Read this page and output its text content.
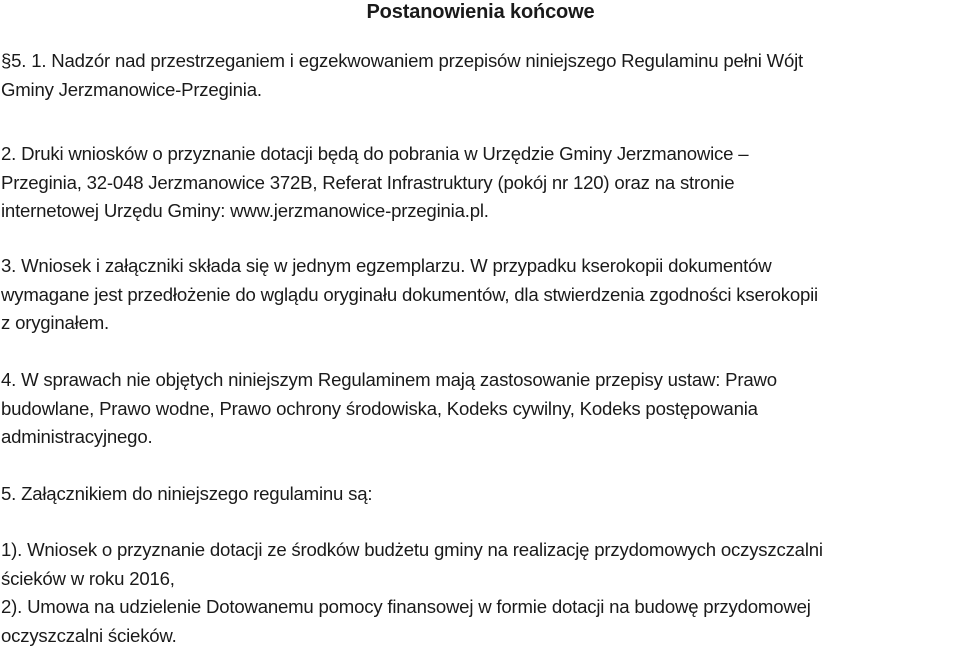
Postanowienia końcowe

§5. 1. Nadzór nad przestrzeganiem i egzekwowaniem przepisów niniejszego Regulaminu pełni Wójt
Gminy Jerzmanowice-Przeginia.

2. Druki wniosków o przyznanie dotacji będą do pobrania w Urzędzie Gminy Jerzmanowice –
Przeginia, 32-048 Jerzmanowice 372B, Referat Infrastruktury (pokój nr 120) oraz na stronie
internetowej Urzędu Gminy: www.jerzmanowice-przeginia.pl.

3. Wniosek i załączniki składa się w jednym egzemplarzu. W przypadku kserokopii dokumentów
wymagane jest przedłożenie do wglądu oryginału dokumentów, dla stwierdzenia zgodności kserokopii
z oryginałem.

4. W sprawach nie objętych niniejszym Regulaminem mają zastosowanie przepisy ustaw: Prawo
budowlane, Prawo wodne, Prawo ochrony środowiska, Kodeks cywilny, Kodeks postępowania
administracyjnego.

5. Załącznikiem do niniejszego regulaminu są:

1). Wniosek o przyznanie dotacji ze środków budżetu gminy na realizację przydomowych oczyszczalni
ścieków w roku 2016,
2). Umowa na udzielenie Dotowanemu pomocy finansowej w formie dotacji na budowę przydomowej
oczyszczalni ścieków.
